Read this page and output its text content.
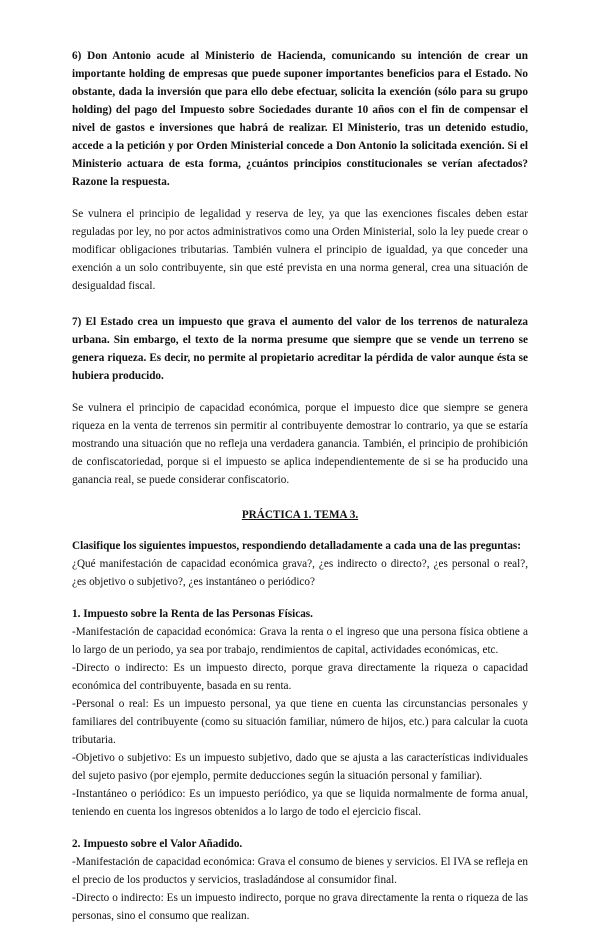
6) Don Antonio acude al Ministerio de Hacienda, comunicando su intención de crear un importante holding de empresas que puede suponer importantes beneficios para el Estado. No obstante, dada la inversión que para ello debe efectuar, solicita la exención (sólo para su grupo holding) del pago del Impuesto sobre Sociedades durante 10 años con el fin de compensar el nivel de gastos e inversiones que habrá de realizar. El Ministerio, tras un detenido estudio, accede a la petición y por Orden Ministerial concede a Don Antonio la solicitada exención. Si el Ministerio actuara de esta forma, ¿cuántos principios constitucionales se verían afectados? Razone la respuesta.

Se vulnera el principio de legalidad y reserva de ley, ya que las exenciones fiscales deben estar reguladas por ley, no por actos administrativos como una Orden Ministerial, solo la ley puede crear o modificar obligaciones tributarias. También vulnera el principio de igualdad, ya que conceder una exención a un solo contribuyente, sin que esté prevista en una norma general, crea una situación de desigualdad fiscal.

7) El Estado crea un impuesto que grava el aumento del valor de los terrenos de naturaleza urbana. Sin embargo, el texto de la norma presume que siempre que se vende un terreno se genera riqueza. Es decir, no permite al propietario acreditar la pérdida de valor aunque ésta se hubiera producido.

Se vulnera el principio de capacidad económica, porque el impuesto dice que siempre se genera riqueza en la venta de terrenos sin permitir al contribuyente demostrar lo contrario, ya que se estaría mostrando una situación que no refleja una verdadera ganancia. También, el principio de prohibición de confiscatoriedad, porque si el impuesto se aplica independientemente de si se ha producido una ganancia real, se puede considerar confiscatorio.

PRÁCTICA 1. TEMA 3.

Clasifique los siguientes impuestos, respondiendo detalladamente a cada una de las preguntas:

¿Qué manifestación de capacidad económica grava?, ¿es indirecto o directo?, ¿es personal o real?, ¿es objetivo o subjetivo?, ¿es instantáneo o periódico?

1. Impuesto sobre la Renta de las Personas Físicas.

-Manifestación de capacidad económica: Grava la renta o el ingreso que una persona física obtiene a lo largo de un periodo, ya sea por trabajo, rendimientos de capital, actividades económicas, etc.

-Directo o indirecto: Es un impuesto directo, porque grava directamente la riqueza o capacidad económica del contribuyente, basada en su renta.

-Personal o real: Es un impuesto personal, ya que tiene en cuenta las circunstancias personales y familiares del contribuyente (como su situación familiar, número de hijos, etc.) para calcular la cuota tributaria.

-Objetivo o subjetivo: Es un impuesto subjetivo, dado que se ajusta a las características individuales del sujeto pasivo (por ejemplo, permite deducciones según la situación personal y familiar).

-Instantáneo o periódico: Es un impuesto periódico, ya que se liquida normalmente de forma anual, teniendo en cuenta los ingresos obtenidos a lo largo de todo el ejercicio fiscal.

2. Impuesto sobre el Valor Añadido.

-Manifestación de capacidad económica: Grava el consumo de bienes y servicios. El IVA se refleja en el precio de los productos y servicios, trasladándose al consumidor final.

-Directo o indirecto: Es un impuesto indirecto, porque no grava directamente la renta o riqueza de las personas, sino el consumo que realizan.
